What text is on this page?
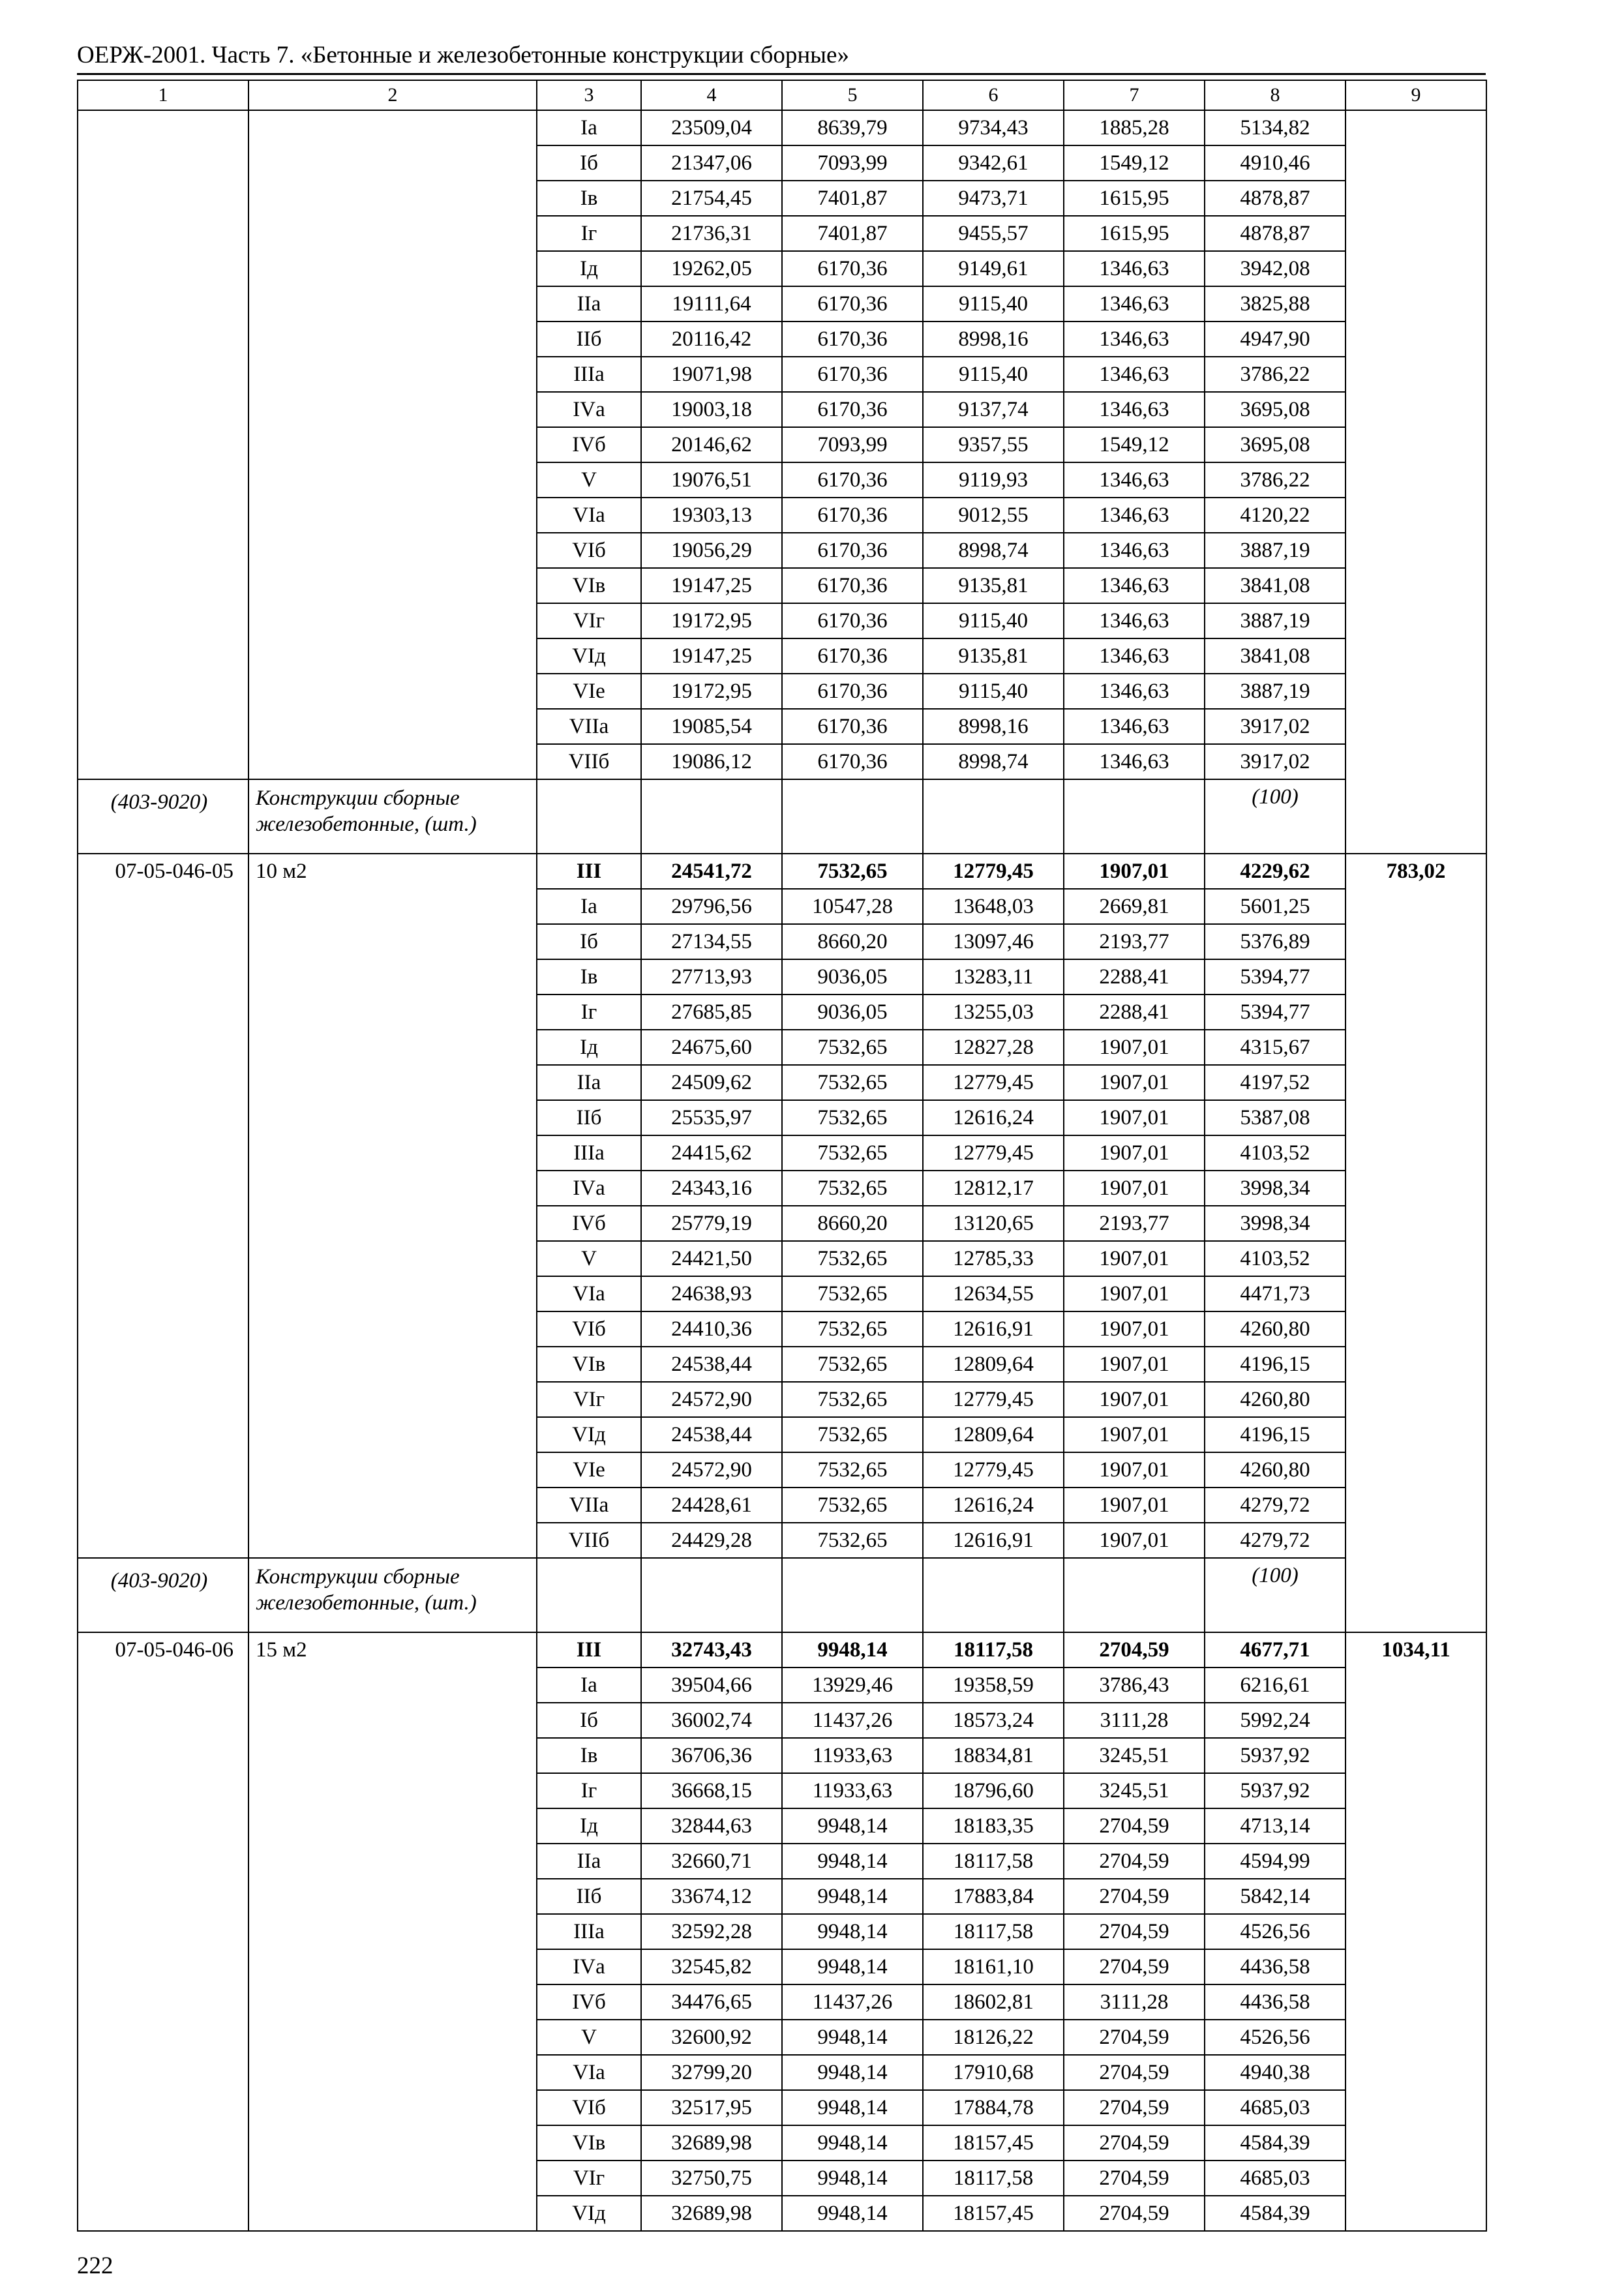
ОЕРЖ-2001. Часть 7. «Бетонные и железобетонные конструкции сборные»
1	2	3	4	5	6	7	8	9
		Iа	23509,04	8639,79	9734,43	1885,28	5134,82	
		Iб	21347,06	7093,99	9342,61	1549,12	4910,46	
		Iв	21754,45	7401,87	9473,71	1615,95	4878,87	
		Iг	21736,31	7401,87	9455,57	1615,95	4878,87	
		Iд	19262,05	6170,36	9149,61	1346,63	3942,08	
		IIа	19111,64	6170,36	9115,40	1346,63	3825,88	
		IIб	20116,42	6170,36	8998,16	1346,63	4947,90	
		IIIа	19071,98	6170,36	9115,40	1346,63	3786,22	
		IVа	19003,18	6170,36	9137,74	1346,63	3695,08	
		IVб	20146,62	7093,99	9357,55	1549,12	3695,08	
		V	19076,51	6170,36	9119,93	1346,63	3786,22	
		VIа	19303,13	6170,36	9012,55	1346,63	4120,22	
		VIб	19056,29	6170,36	8998,74	1346,63	3887,19	
		VIв	19147,25	6170,36	9135,81	1346,63	3841,08	
		VIг	19172,95	6170,36	9115,40	1346,63	3887,19	
		VIд	19147,25	6170,36	9135,81	1346,63	3841,08	
		VIе	19172,95	6170,36	9115,40	1346,63	3887,19	
		VIIа	19085,54	6170,36	8998,16	1346,63	3917,02	
		VIIб	19086,12	6170,36	8998,74	1346,63	3917,02	
(403-9020)	Конструкции сборные железобетонные, (шт.)						(100)	
07-05-046-05	10 м2	III	24541,72	7532,65	12779,45	1907,01	4229,62	783,02
		Iа	29796,56	10547,28	13648,03	2669,81	5601,25	
		Iб	27134,55	8660,20	13097,46	2193,77	5376,89	
		Iв	27713,93	9036,05	13283,11	2288,41	5394,77	
		Iг	27685,85	9036,05	13255,03	2288,41	5394,77	
		Iд	24675,60	7532,65	12827,28	1907,01	4315,67	
		IIа	24509,62	7532,65	12779,45	1907,01	4197,52	
		IIб	25535,97	7532,65	12616,24	1907,01	5387,08	
		IIIа	24415,62	7532,65	12779,45	1907,01	4103,52	
		IVа	24343,16	7532,65	12812,17	1907,01	3998,34	
		IVб	25779,19	8660,20	13120,65	2193,77	3998,34	
		V	24421,50	7532,65	12785,33	1907,01	4103,52	
		VIа	24638,93	7532,65	12634,55	1907,01	4471,73	
		VIб	24410,36	7532,65	12616,91	1907,01	4260,80	
		VIв	24538,44	7532,65	12809,64	1907,01	4196,15	
		VIг	24572,90	7532,65	12779,45	1907,01	4260,80	
		VIд	24538,44	7532,65	12809,64	1907,01	4196,15	
		VIе	24572,90	7532,65	12779,45	1907,01	4260,80	
		VIIа	24428,61	7532,65	12616,24	1907,01	4279,72	
		VIIб	24429,28	7532,65	12616,91	1907,01	4279,72	
(403-9020)	Конструкции сборные железобетонные, (шт.)						(100)	
07-05-046-06	15 м2	III	32743,43	9948,14	18117,58	2704,59	4677,71	1034,11
		Iа	39504,66	13929,46	19358,59	3786,43	6216,61	
		Iб	36002,74	11437,26	18573,24	3111,28	5992,24	
		Iв	36706,36	11933,63	18834,81	3245,51	5937,92	
		Iг	36668,15	11933,63	18796,60	3245,51	5937,92	
		Iд	32844,63	9948,14	18183,35	2704,59	4713,14	
		IIа	32660,71	9948,14	18117,58	2704,59	4594,99	
		IIб	33674,12	9948,14	17883,84	2704,59	5842,14	
		IIIа	32592,28	9948,14	18117,58	2704,59	4526,56	
		IVа	32545,82	9948,14	18161,10	2704,59	4436,58	
		IVб	34476,65	11437,26	18602,81	3111,28	4436,58	
		V	32600,92	9948,14	18126,22	2704,59	4526,56	
		VIа	32799,20	9948,14	17910,68	2704,59	4940,38	
		VIб	32517,95	9948,14	17884,78	2704,59	4685,03	
		VIв	32689,98	9948,14	18157,45	2704,59	4584,39	
		VIг	32750,75	9948,14	18117,58	2704,59	4685,03	
		VIд	32689,98	9948,14	18157,45	2704,59	4584,39	
222
